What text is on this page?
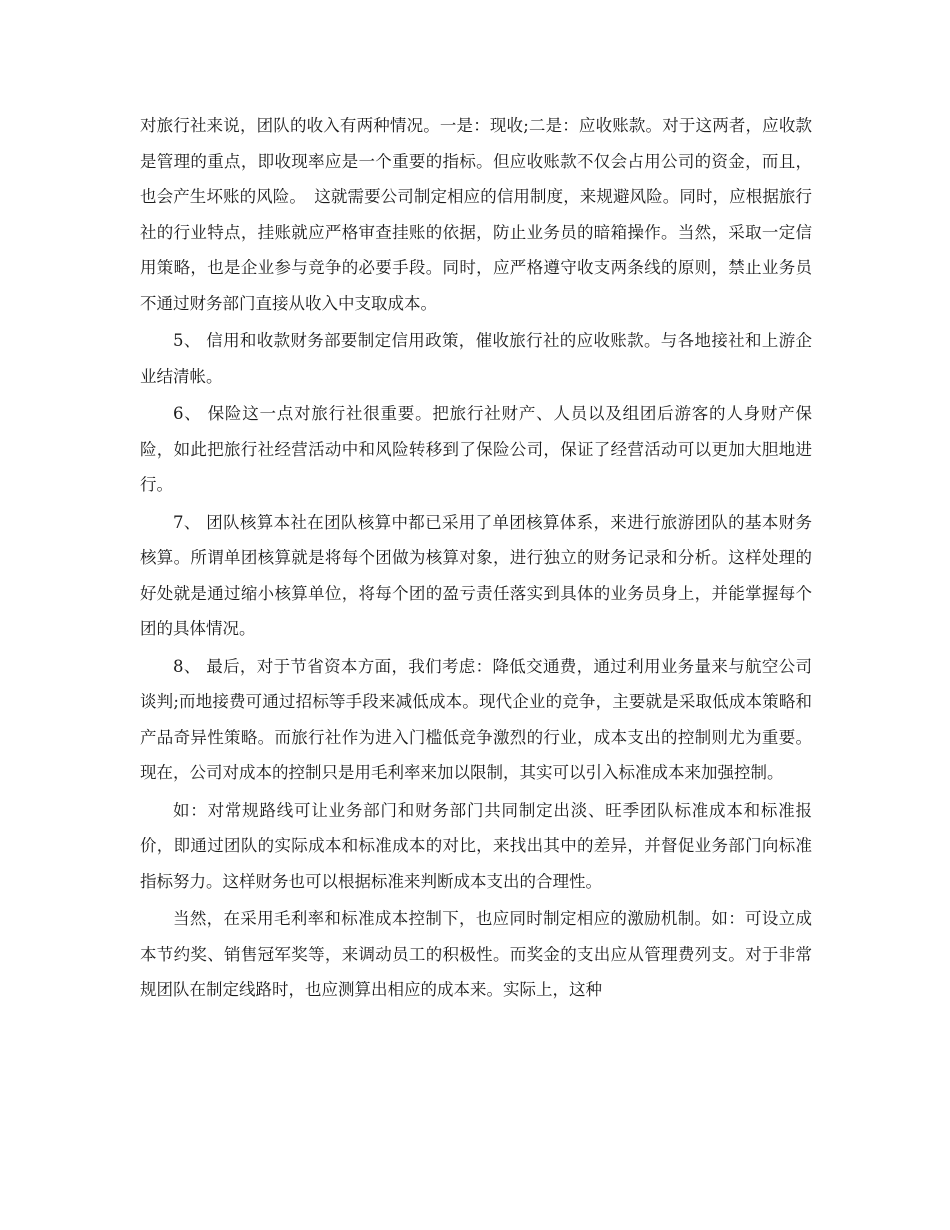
对旅行社来说，团队的收入有两种情况。一是：现收;二是：应收账款。对于这两者，应收款是管理的重点，即收现率应是一个重要的指标。但应收账款不仅会占用公司的资金，而且，也会产生坏账的风险。　这就需要公司制定相应的信用制度，来规避风险。同时，应根据旅行社的行业特点，挂账就应严格审查挂账的依据，防止业务员的暗箱操作。当然，采取一定信用策略，也是企业参与竞争的必要手段。同时，应严格遵守收支两条线的原则，禁止业务员不通过财务部门直接从收入中支取成本。

5、 信用和收款财务部要制定信用政策，催收旅行社的应收账款。与各地接社和上游企业结清帐。

6、 保险这一点对旅行社很重要。把旅行社财产、人员以及组团后游客的人身财产保险，如此把旅行社经营活动中和风险转移到了保险公司，保证了经营活动可以更加大胆地进行。

7、 团队核算本社在团队核算中都已采用了单团核算体系，来进行旅游团队的基本财务核算。所谓单团核算就是将每个团做为核算对象，进行独立的财务记录和分析。这样处理的好处就是通过缩小核算单位，将每个团的盈亏责任落实到具体的业务员身上，并能掌握每个团的具体情况。

8、 最后，对于节省资本方面，我们考虑：降低交通费，通过利用业务量来与航空公司谈判;而地接费可通过招标等手段来减低成本。现代企业的竞争，主要就是采取低成本策略和产品奇异性策略。而旅行社作为进入门槛低竞争激烈的行业，成本支出的控制则尤为重要。现在，公司对成本的控制只是用毛利率来加以限制，其实可以引入标准成本来加强控制。

如：对常规路线可让业务部门和财务部门共同制定出淡、旺季团队标准成本和标准报价，即通过团队的实际成本和标准成本的对比，来找出其中的差异，并督促业务部门向标准指标努力。这样财务也可以根据标准来判断成本支出的合理性。

当然，在采用毛利率和标准成本控制下，也应同时制定相应的激励机制。如：可设立成本节约奖、销售冠军奖等，来调动员工的积极性。而奖金的支出应从管理费列支。对于非常规团队在制定线路时，也应测算出相应的成本来。实际上，这种
